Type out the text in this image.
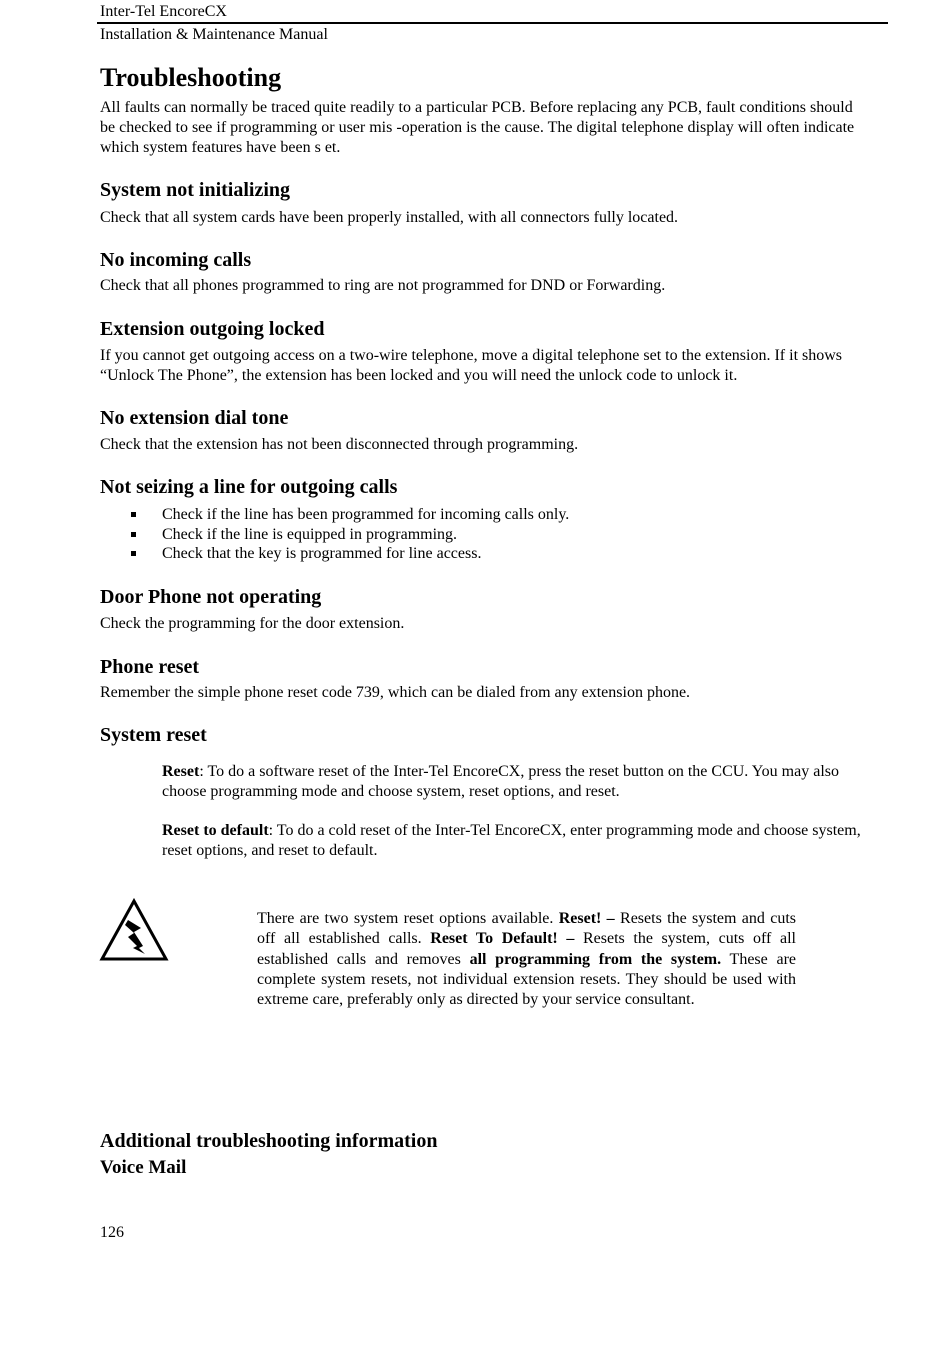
Inter-Tel EncoreCX
Installation & Maintenance Manual
Troubleshooting

All faults can normally be traced quite readily to a particular PCB. Before replacing any PCB, fault conditions should be checked to see if programming or user mis -operation is the cause. The digital telephone display will often indicate which system features have been s et.

System not initializing

Check that all system cards have been properly installed, with all connectors fully located.

No incoming calls

Check that all phones programmed to ring are not programmed for DND or Forwarding.

Extension outgoing locked

If you cannot get outgoing access on a two-wire telephone, move a digital telephone set to the extension. If it shows “Unlock The Phone”, the extension has been locked and you will need the unlock code to unlock it.

No extension dial tone

Check that the extension has not been disconnected through programming.

Not seizing a line for outgoing calls
Check if the line has been programmed for incoming calls only.
Check if the line is equipped in programming.
Check that the key is programmed for line access.
Door Phone not operating

Check the programming for the door extension.

Phone reset

Remember the simple phone reset code 739, which can be dialed from any extension phone.

System reset

Reset: To do a software reset of the Inter-Tel EncoreCX, press the reset button on the CCU. You may also choose programming mode and choose system, reset options, and reset.

Reset to default: To do a cold reset of the Inter-Tel EncoreCX, enter programming mode and choose system, reset options, and reset to default.

There are two system reset options available. Reset! – Resets the system and cuts off all established calls. Reset To Default! – Resets the system, cuts off all established calls and removes all programming from the system. These are complete system resets, not individual extension resets. They should be used with extreme care, preferably only as directed by your service consultant.

Additional troubleshooting information
Voice Mail
126
